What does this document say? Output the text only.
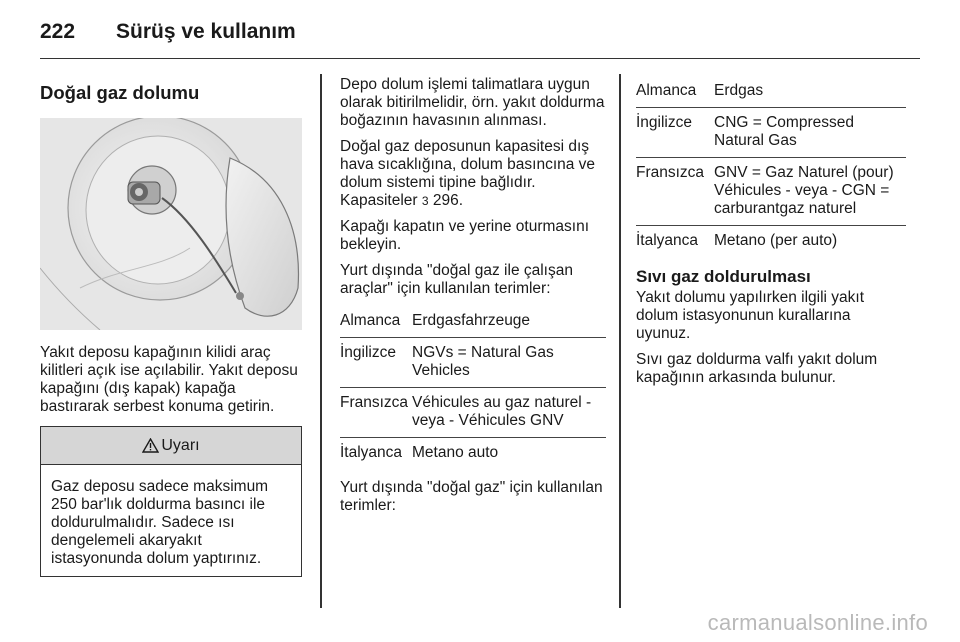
222 Sürüş ve kullanım
Doğal gaz dolumu

Yakıt deposu kapağının kilidi araç kilitleri açık ise açılabilir. Yakıt deposu kapağını (dış kapak) kapağa bastırarak serbest konuma getirin.

Uyarı
Gaz deposu sadece maksimum 250 bar'lık doldurma basıncı ile doldurulmalıdır. Sadece ısı dengelemeli akaryakıt istasyonunda dolum yaptırınız.

Depo dolum işlemi talimatlara uygun olarak bitirilmelidir, örn. yakıt doldurma boğazının havasının alınması.

Doğal gaz deposunun kapasitesi dış hava sıcaklığına, dolum basıncına ve dolum sistemi tipine bağlıdır. Kapasiteler 3 296.

Kapağı kapatın ve yerine oturmasını bekleyin.

Yurt dışında "doğal gaz ile çalışan araçlar" için kullanılan terimler:

Almanca Erdgasfahrzeuge
İngilizce	NGVs = Natural Gas Vehicles
Fransızca Véhicules au gaz naturel - veya - Véhicules GNV
İtalyanca Metano auto

Yurt dışında "doğal gaz" için kullanılan terimler:

Almanca	Erdgas
İngilizce	CNG = Compressed Natural Gas
Fransızca GNV = Gaz Naturel (pour) Véhicules - veya - CGN = carburantgaz naturel
İtalyanca	Metano (per auto)
Sıvı gaz doldurulması

Yakıt dolumu yapılırken ilgili yakıt dolum istasyonunun kurallarına uyunuz.

Sıvı gaz doldurma valfı yakıt dolum kapağının arkasında bulunur.

carmanualsonline.info
